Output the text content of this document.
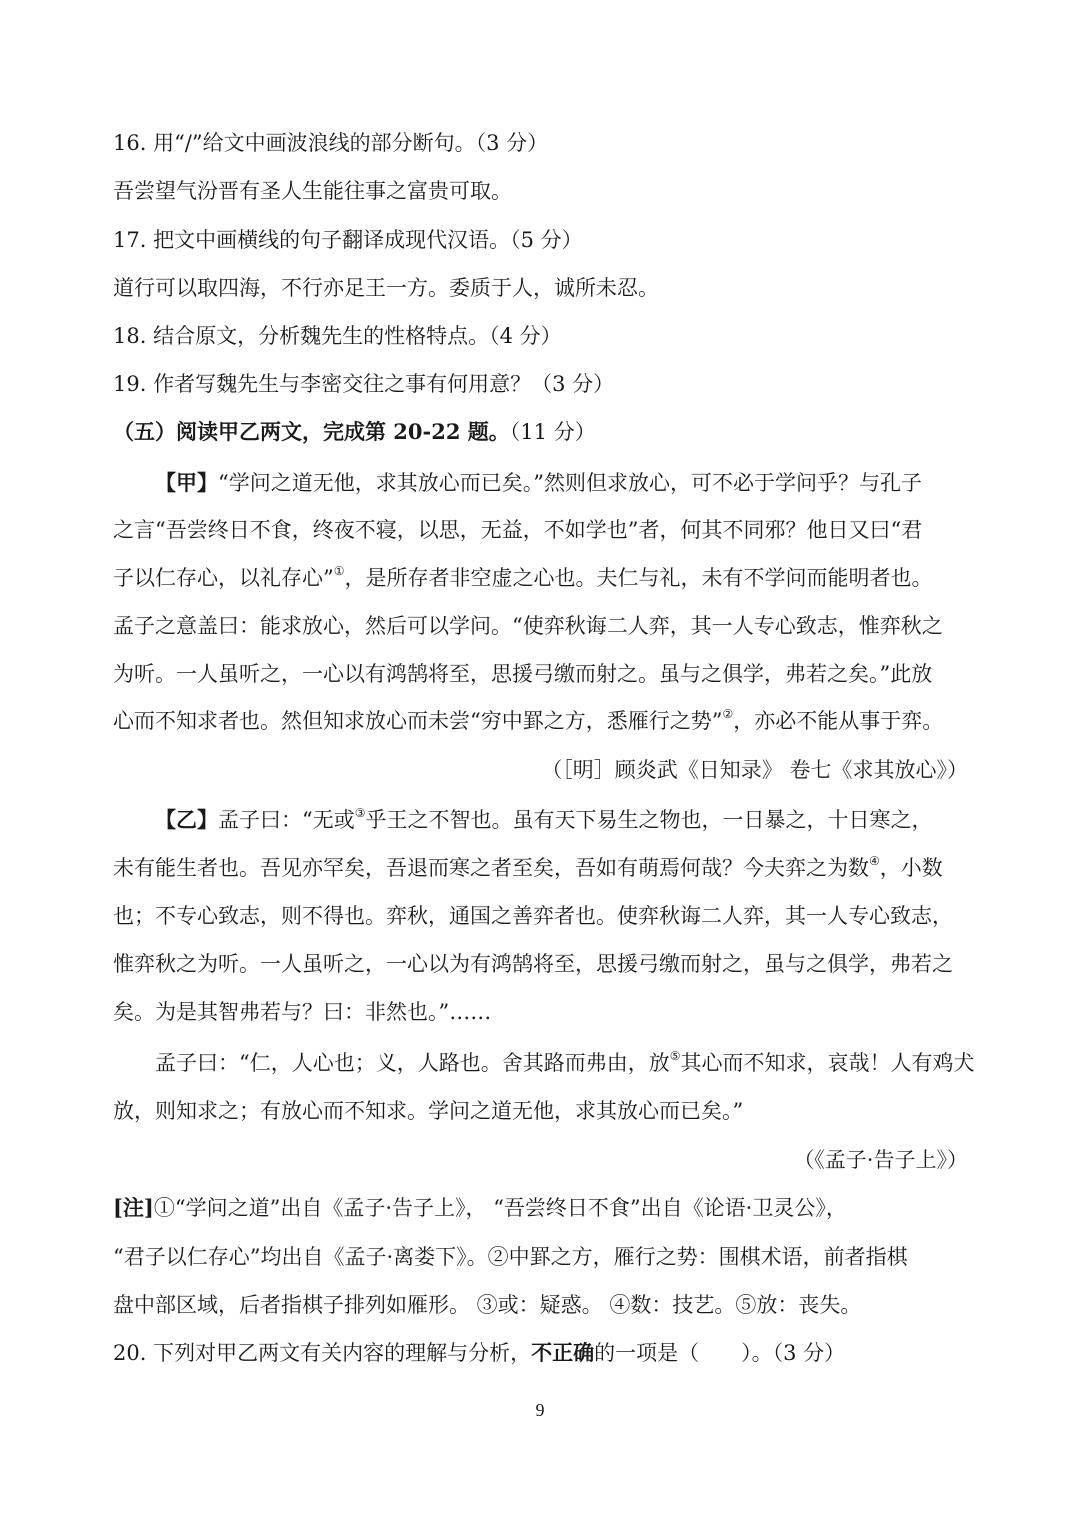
16. 用“/”给文中画波浪线的部分断句。（3 分）
吾尝望气汾晋有圣人生能往事之富贵可取。
17. 把文中画横线的句子翻译成现代汉语。（5 分）
道行可以取四海，不行亦足王一方。委质于人，诚所未忍。
18. 结合原文，分析魏先生的性格特点。（4 分）
19. 作者写魏先生与李密交往之事有何用意？（3 分）
（五）阅读甲乙两文，完成第 20-22 题。（11 分）
【甲】“学问之道无他，求其放心而已矣。”然则但求放心，可不必于学问乎？与孔子
之言“吾尝终日不食，终夜不寝，以思，无益，不如学也”者，何其不同邪？他日又曰“君
子以仁存心，以礼存心”①，是所存者非空虚之心也。夫仁与礼，未有不学问而能明者也。
孟子之意盖曰：能求放心，然后可以学问。“使弈秋诲二人弈，其一人专心致志，惟弈秋之
为听。一人虽听之，一心以有鸿鹄将至，思援弓缴而射之。虽与之俱学，弗若之矣。”此放
心而不知求者也。然但知求放心而未尝“穷中罫之方，悉雁行之势”②，亦必不能从事于弈。
（［明］顾炎武《日知录》 卷七《求其放心》）
【乙】孟子曰：“无或③乎王之不智也。虽有天下易生之物也，一日暴之，十日寒之，
未有能生者也。吾见亦罕矣，吾退而寒之者至矣，吾如有萌焉何哉？今夫弈之为数④，小数
也；不专心致志，则不得也。弈秋，通国之善弈者也。使弈秋诲二人弈，其一人专心致志，
惟弈秋之为听。一人虽听之，一心以为有鸿鹄将至，思援弓缴而射之，虽与之俱学，弗若之
矣。为是其智弗若与？曰：非然也。”……
孟子曰：“仁，人心也；义，人路也。舍其路而弗由，放⑤其心而不知求，哀哉！人有鸡犬
放，则知求之；有放心而不知求。学问之道无他，求其放心而已矣。”
（《孟子·告子上》）
[注]①“学问之道”出自《孟子·告子上》， “吾尝终日不食”出自《论语·卫灵公》，
“君子以仁存心”均出自《孟子·离娄下》。②中罫之方，雁行之势：围棋术语，前者指棋
盘中部区域，后者指棋子排列如雁形。 ③或：疑惑。 ④数：技艺。⑤放：丧失。
20. 下列对甲乙两文有关内容的理解与分析，不正确的一项是（　　）。（3 分）
9
